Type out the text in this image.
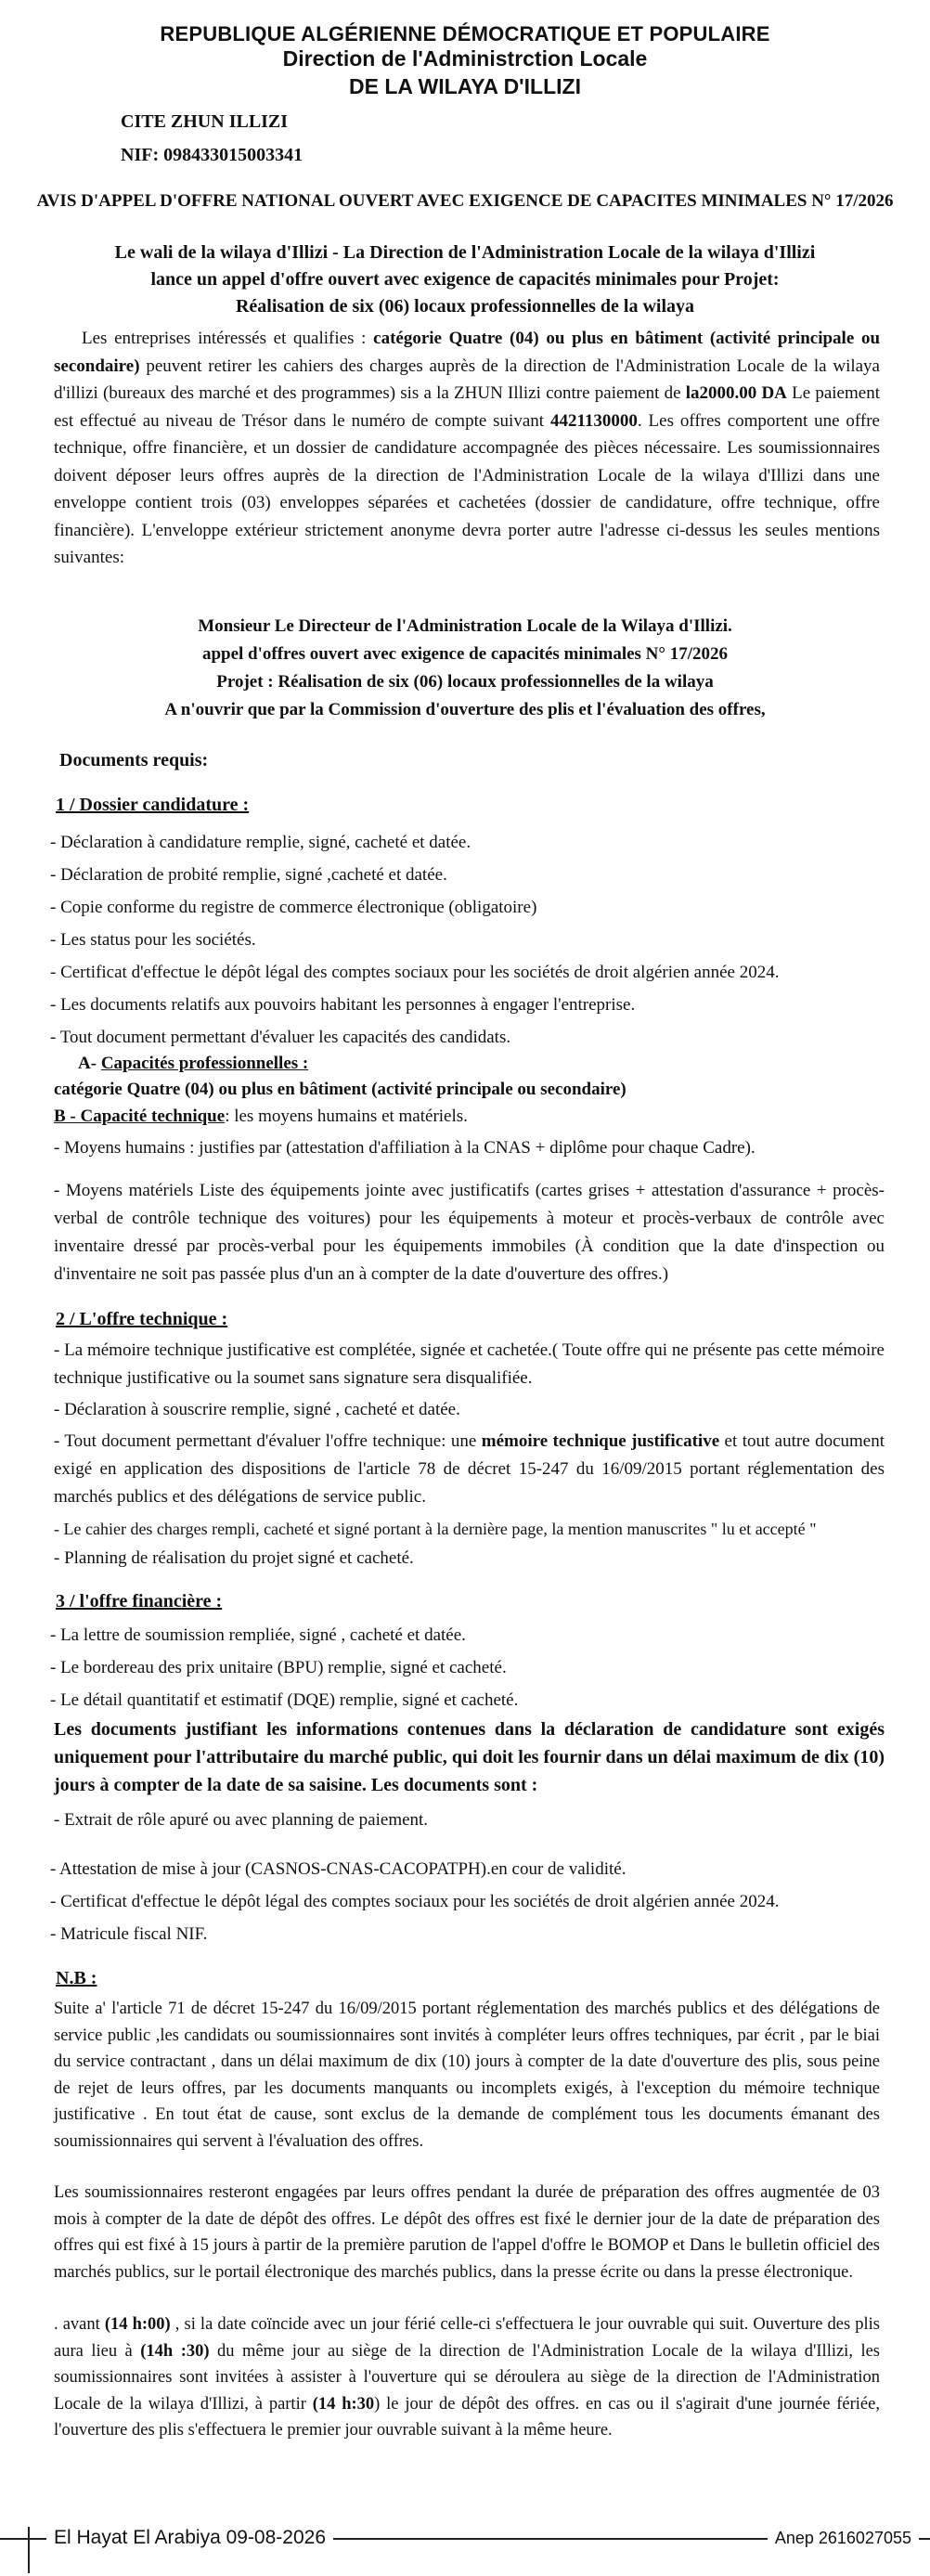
REPUBLIQUE ALGÉRIENNE DÉMOCRATIQUE ET POPULAIRE
Direction de l'Administrction Locale
DE LA WILAYA D'ILLIZI
CITE ZHUN ILLIZI
NIF: 098433015003341
AVIS D'APPEL D'OFFRE NATIONAL OUVERT AVEC EXIGENCE DE CAPACITES MINIMALES N° 17/2026
Le wali de la wilaya d'Illizi - La Direction de l'Administration Locale de la wilaya d'Illizi
lance un appel d'offre ouvert avec exigence de capacités minimales pour Projet:
Réalisation de six (06) locaux professionnelles de la wilaya
Les entreprises intéressés et qualifies : catégorie Quatre (04) ou plus en bâtiment (activité principale ou secondaire) peuvent retirer les cahiers des charges auprès de la direction de l'Administration Locale de la wilaya d'illizi (bureaux des marché et des programmes) sis a la ZHUN Illizi contre paiement de la2000.00 DA Le paiement est effectué au niveau de Trésor dans le numéro de compte suivant 4421130000. Les offres comportent une offre technique, offre financière, et un dossier de candidature accompagnée des pièces nécessaire. Les soumissionnaires doivent déposer leurs offres auprès de la direction de l'Administration Locale de la wilaya d'Illizi dans une enveloppe contient trois (03) enveloppes séparées et cachetées (dossier de candidature, offre technique, offre financière). L'enveloppe extérieur strictement anonyme devra porter autre l'adresse ci-dessus les seules mentions suivantes:
Monsieur Le Directeur de l'Administration Locale de la Wilaya d'Illizi.
appel d'offres ouvert avec exigence de capacités minimales N° 17/2026
Projet : Réalisation de six (06) locaux professionnelles de la wilaya
A n'ouvrir que par la Commission d'ouverture des plis et l'évaluation des offres,
Documents requis:
1 / Dossier candidature :
- Déclaration à candidature remplie, signé, cacheté et datée.
- Déclaration de probité remplie, signé ,cacheté et datée.
- Copie conforme du registre de commerce électronique (obligatoire)
- Les status pour les sociétés.
- Certificat d'effectue le dépôt légal des comptes sociaux pour les sociétés de droit algérien année 2024.
- Les documents relatifs aux pouvoirs habitant les personnes à engager l'entreprise.
- Tout document permettant d'évaluer les capacités des candidats.
A- Capacités professionnelles :
catégorie Quatre (04) ou plus en bâtiment (activité principale ou secondaire)
B - Capacité technique: les moyens humains et matériels.
- Moyens humains : justifies par (attestation d'affiliation à la CNAS + diplôme pour chaque Cadre).
- Moyens matériels Liste des équipements jointe avec justificatifs (cartes grises + attestation d'assurance + procès-verbal de contrôle technique des voitures) pour les équipements à moteur et procès-verbaux de contrôle avec inventaire dressé par procès-verbal pour les équipements immobiles (À condition que la date d'inspection ou d'inventaire ne soit pas passée plus d'un an à compter de la date d'ouverture des offres.)
2 / L'offre technique :
- La mémoire technique justificative est complétée, signée et cachetée.( Toute offre qui ne présente pas cette mémoire technique justificative ou la soumet sans signature sera disqualifiée.
- Déclaration à souscrire remplie, signé , cacheté et datée.
- Tout document permettant d'évaluer l'offre technique: une mémoire technique justificative et tout autre document exigé en application des dispositions de l'article 78 de décret 15-247 du 16/09/2015 portant réglementation des marchés publics et des délégations de service public.
- Le cahier des charges rempli, cacheté et signé portant à la dernière page, la mention manuscrites " lu et accepté "
- Planning de réalisation du projet signé et cacheté.
3 / l'offre financière :
- La lettre de soumission rempliée, signé , cacheté et datée.
- Le bordereau des prix unitaire (BPU) remplie, signé et cacheté.
- Le détail quantitatif et estimatif (DQE) remplie, signé et cacheté.
Les documents justifiant les informations contenues dans la déclaration de candidature sont exigés uniquement pour l'attributaire du marché public, qui doit les fournir dans un délai maximum de dix (10) jours à compter de la date de sa saisine. Les documents sont :
- Extrait de rôle apuré ou avec planning de paiement.
- Attestation de mise à jour (CASNOS-CNAS-CACOPATPH).en cour de validité.
- Certificat d'effectue le dépôt légal des comptes sociaux pour les sociétés de droit algérien année 2024.
- Matricule fiscal NIF.
N.B :
Suite a' l'article 71 de décret 15-247 du 16/09/2015 portant réglementation des marchés publics et des délégations de service public ,les candidats ou soumissionnaires sont invités à compléter leurs offres techniques, par écrit , par le biai du service contractant , dans un délai maximum de dix (10) jours à compter de la date d'ouverture des plis, sous peine de rejet de leurs offres, par les documents manquants ou incomplets exigés, à l'exception du mémoire technique justificative . En tout état de cause, sont exclus de la demande de complément tous les documents émanant des soumissionnaires qui servent à l'évaluation des offres.
Les soumissionnaires resteront engagées par leurs offres pendant la durée de préparation des offres augmentée de 03 mois à compter de la date de dépôt des offres. Le dépôt des offres est fixé le dernier jour de la date de préparation des offres qui est fixé à 15 jours à partir de la première parution de l'appel d'offre le BOMOP et Dans le bulletin officiel des marchés publics, sur le portail électronique des marchés publics, dans la presse écrite ou dans la presse électronique.
. avant (14 h:00) , si la date coïncide avec un jour férié celle-ci s'effectuera le jour ouvrable qui suit. Ouverture des plis aura lieu à (14h :30) du même jour au siège de la direction de l'Administration Locale de la wilaya d'Illizi, les soumissionnaires sont invitées à assister à l'ouverture qui se déroulera au siège de la direction de l'Administration Locale de la wilaya d'Illizi, à partir (14 h:30) le jour de dépôt des offres. en cas ou il s'agirait d'une journée fériée, l'ouverture des plis s'effectuera le premier jour ouvrable suivant à la même heure.
El Hayat El Arabiya 09-08-2026	Anep 2616027055
